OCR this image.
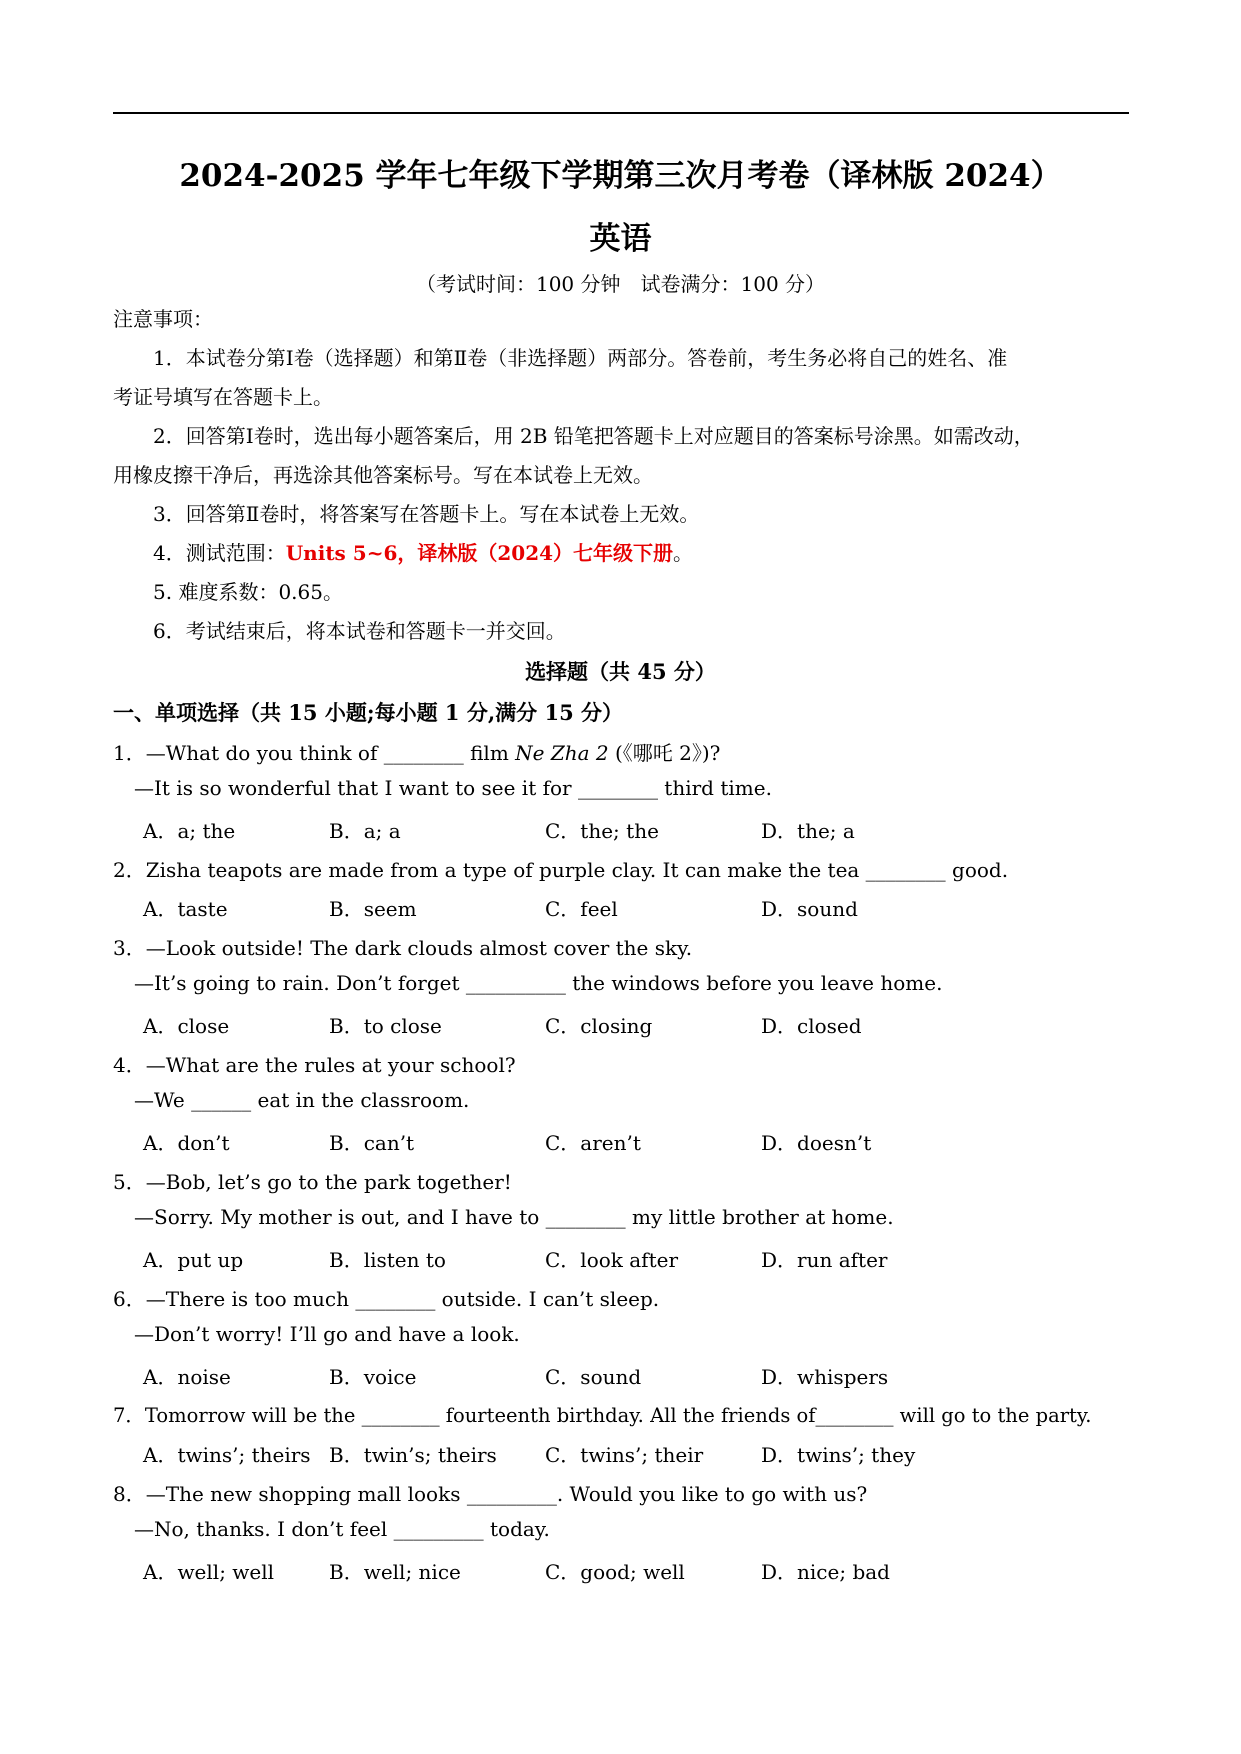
2024-2025 学年七年级下学期第三次月考卷（译林版 2024）
英语
（考试时间：100 分钟　试卷满分：100 分）
注意事项：
1．本试卷分第Ⅰ卷（选择题）和第Ⅱ卷（非选择题）两部分。答卷前，考生务必将自己的姓名、准
考证号填写在答题卡上。
2．回答第Ⅰ卷时，选出每小题答案后，用 2B 铅笔把答题卡上对应题目的答案标号涂黑。如需改动，
用橡皮擦干净后，再选涂其他答案标号。写在本试卷上无效。
3．回答第Ⅱ卷时，将答案写在答题卡上。写在本试卷上无效。
4．测试范围：Units 5~6，译林版（2024）七年级下册。
5. 难度系数：0.65。
6．考试结束后，将本试卷和答题卡一并交回。
选择题（共 45 分）
一、单项选择（共 15 小题;每小题 1 分,满分 15 分）
1．—What do you think of ________ film Ne Zha 2 (《哪吒 2》)?
—It is so wonderful that I want to see it for ________ third time.
A．a; the	B．a; a	C．the; the	D．the; a
2．Zisha teapots are made from a type of purple clay. It can make the tea ________ good.
A．taste	B．seem	C．feel	D．sound
3．—Look outside! The dark clouds almost cover the sky.
—It’s going to rain. Don’t forget __________ the windows before you leave home.
A．close	B．to close	C．closing	D．closed
4．—What are the rules at your school?
—We ______ eat in the classroom.
A．don’t	B．can’t	C．aren’t	D．doesn’t
5．—Bob, let’s go to the park together!
—Sorry. My mother is out, and I have to ________ my little brother at home.
A．put up	B．listen to	C．look after	D．run after
6．—There is too much ________ outside. I can’t sleep.
—Don’t worry! I’ll go and have a look.
A．noise	B．voice	C．sound	D．whispers
7．Tomorrow will be the ________ fourteenth birthday. All the friends of________ will go to the party.
A．twins’; theirs B．twin’s; theirs C．twins’; their	D．twins’; they
8．—The new shopping mall looks _________. Would you like to go with us?
—No, thanks. I don’t feel _________ today.
A．well; well	B．well; nice	C．good; well	D．nice; bad
